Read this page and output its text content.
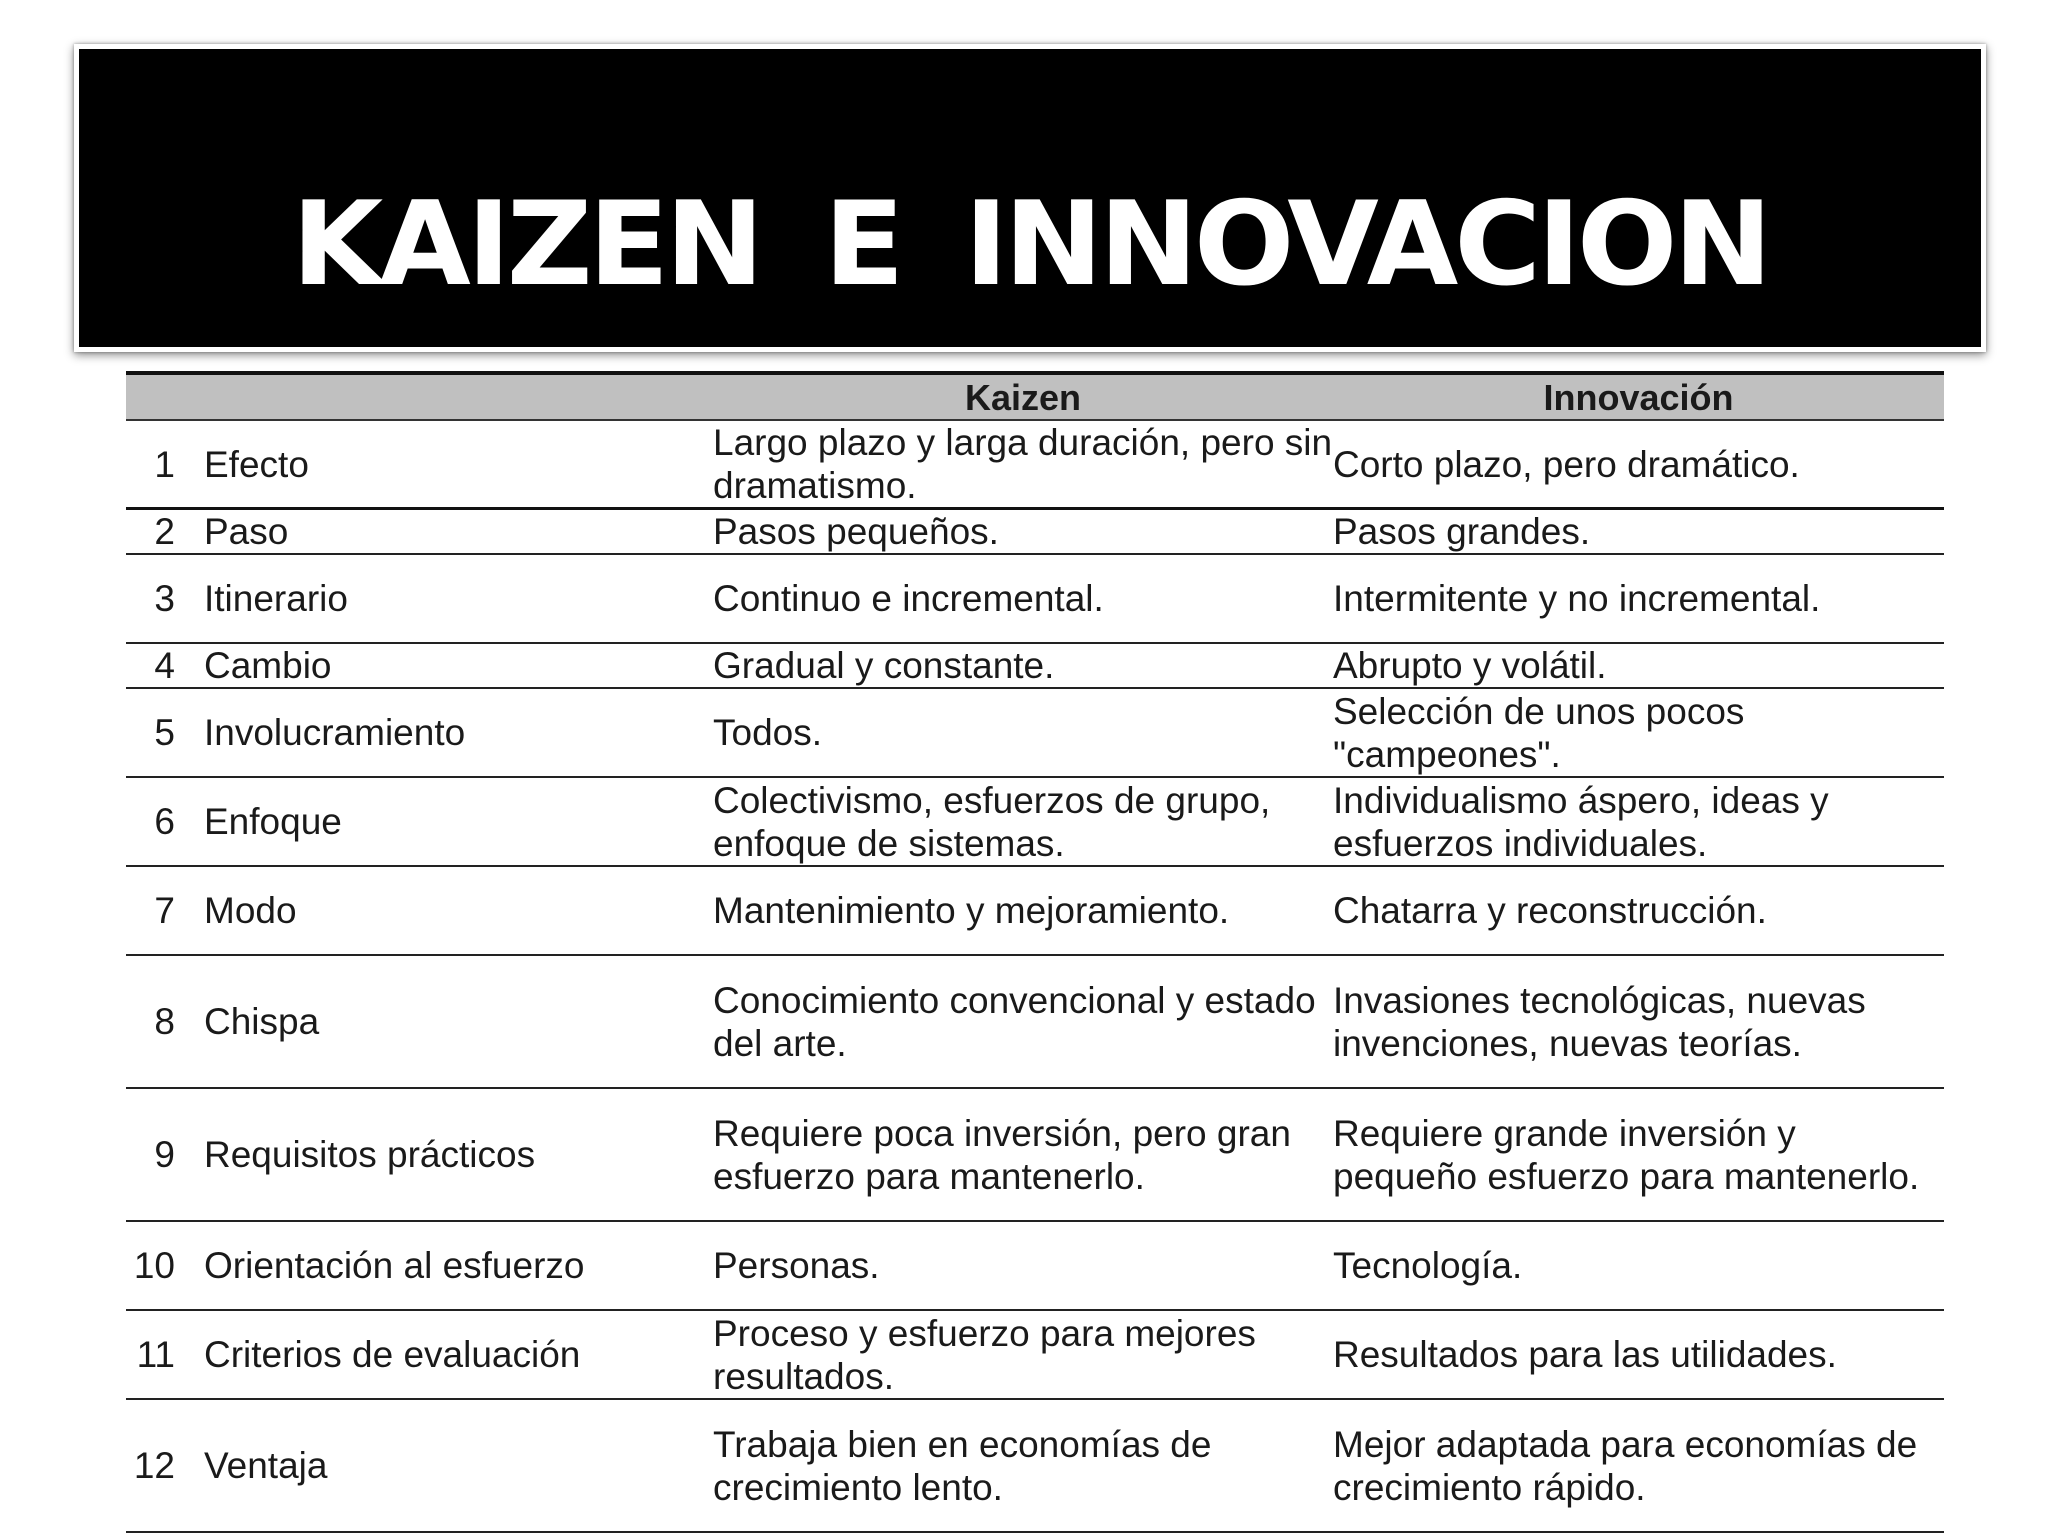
KAIZEN E INNOVACION
		Kaizen	Innovación
1	Efecto	Largo plazo y larga duración, pero sin dramatismo.	Corto plazo, pero dramático.
2	Paso	Pasos pequeños.	Pasos grandes.
3	Itinerario	Continuo e incremental.	Intermitente y no incremental.
4	Cambio	Gradual y constante.	Abrupto y volátil.
5	Involucramiento	Todos.	Selección de unos pocos "campeones".
6	Enfoque	Colectivismo, esfuerzos de grupo, enfoque de sistemas.	Individualismo áspero, ideas y esfuerzos individuales.
7	Modo	Mantenimiento y mejoramiento.	Chatarra y reconstrucción.
8	Chispa	Conocimiento convencional y estado del arte.	Invasiones tecnológicas, nuevas invenciones, nuevas teorías.
9	Requisitos prácticos	Requiere poca inversión, pero gran esfuerzo para mantenerlo.	Requiere grande inversión y pequeño esfuerzo para mantenerlo.
10	Orientación al esfuerzo	Personas.	Tecnología.
11	Criterios de evaluación	Proceso y esfuerzo para mejores resultados.	Resultados para las utilidades.
12	Ventaja	Trabaja bien en economías de crecimiento lento.	Mejor adaptada para economías de crecimiento rápido.
